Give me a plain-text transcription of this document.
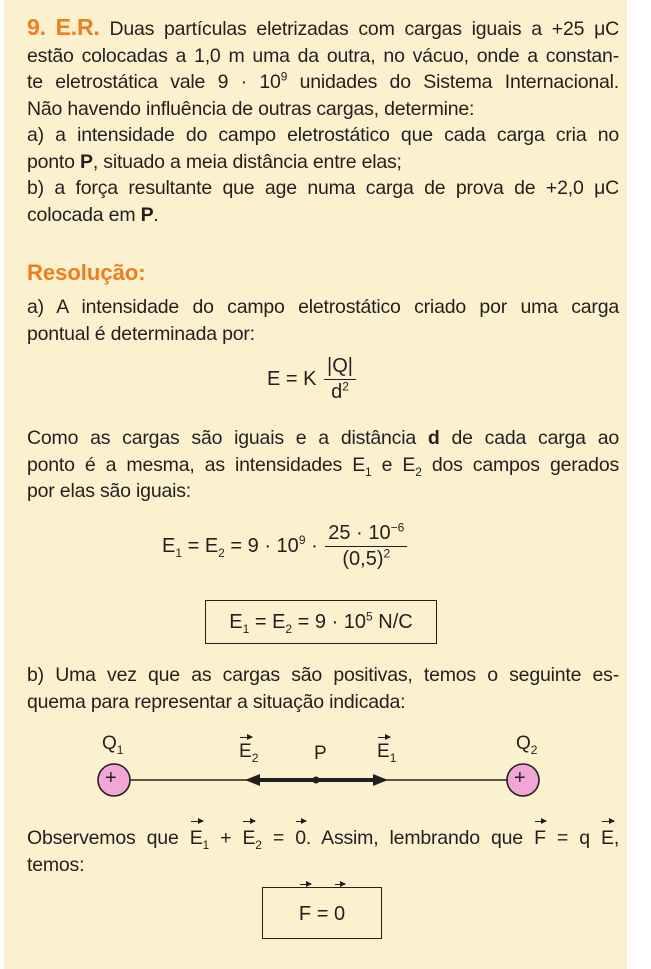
9. E.R. Duas partículas eletrizadas com cargas iguais a +25 μC
estão colocadas a 1,0 m uma da outra, no vácuo, onde a constan-
te eletrostática vale $9 \cdot 10^9$ unidades do Sistema Internacional.
Não havendo influência de outras cargas, determine:
a) a intensidade do campo eletrostático que cada carga cria no
ponto P, situado a meia distância entre elas;
b) a força resultante que age numa carga de prova de +2,0 μC
colocada em P.
Resolução:
a) A intensidade do campo eletrostático criado por uma carga
pontual é determinada por:
E = K $\frac{|Q|}{d^2}$
Como as cargas são iguais e a distância d de cada carga ao
ponto é a mesma, as intensidades $E_1$ e $E_2$ dos campos gerados
por elas são iguais:
$E_1 = E_2 = 9 \cdot 10^9 \cdot \frac{25 \cdot 10^{-6}}{(0,5)^2}$
$E_1 = E_2 = 9 \cdot 10^5$ N/C
b) Uma vez que as cargas são positivas, temos o seguinte es-
quema para representar a situação indicada:
$Q_1$	$Q_2$
$E_2$	P	$E_1$
+	+
Observemos que $E_1 + E_2 = 0$. Assim, lembrando que F = q E,
temos:
F = 0
